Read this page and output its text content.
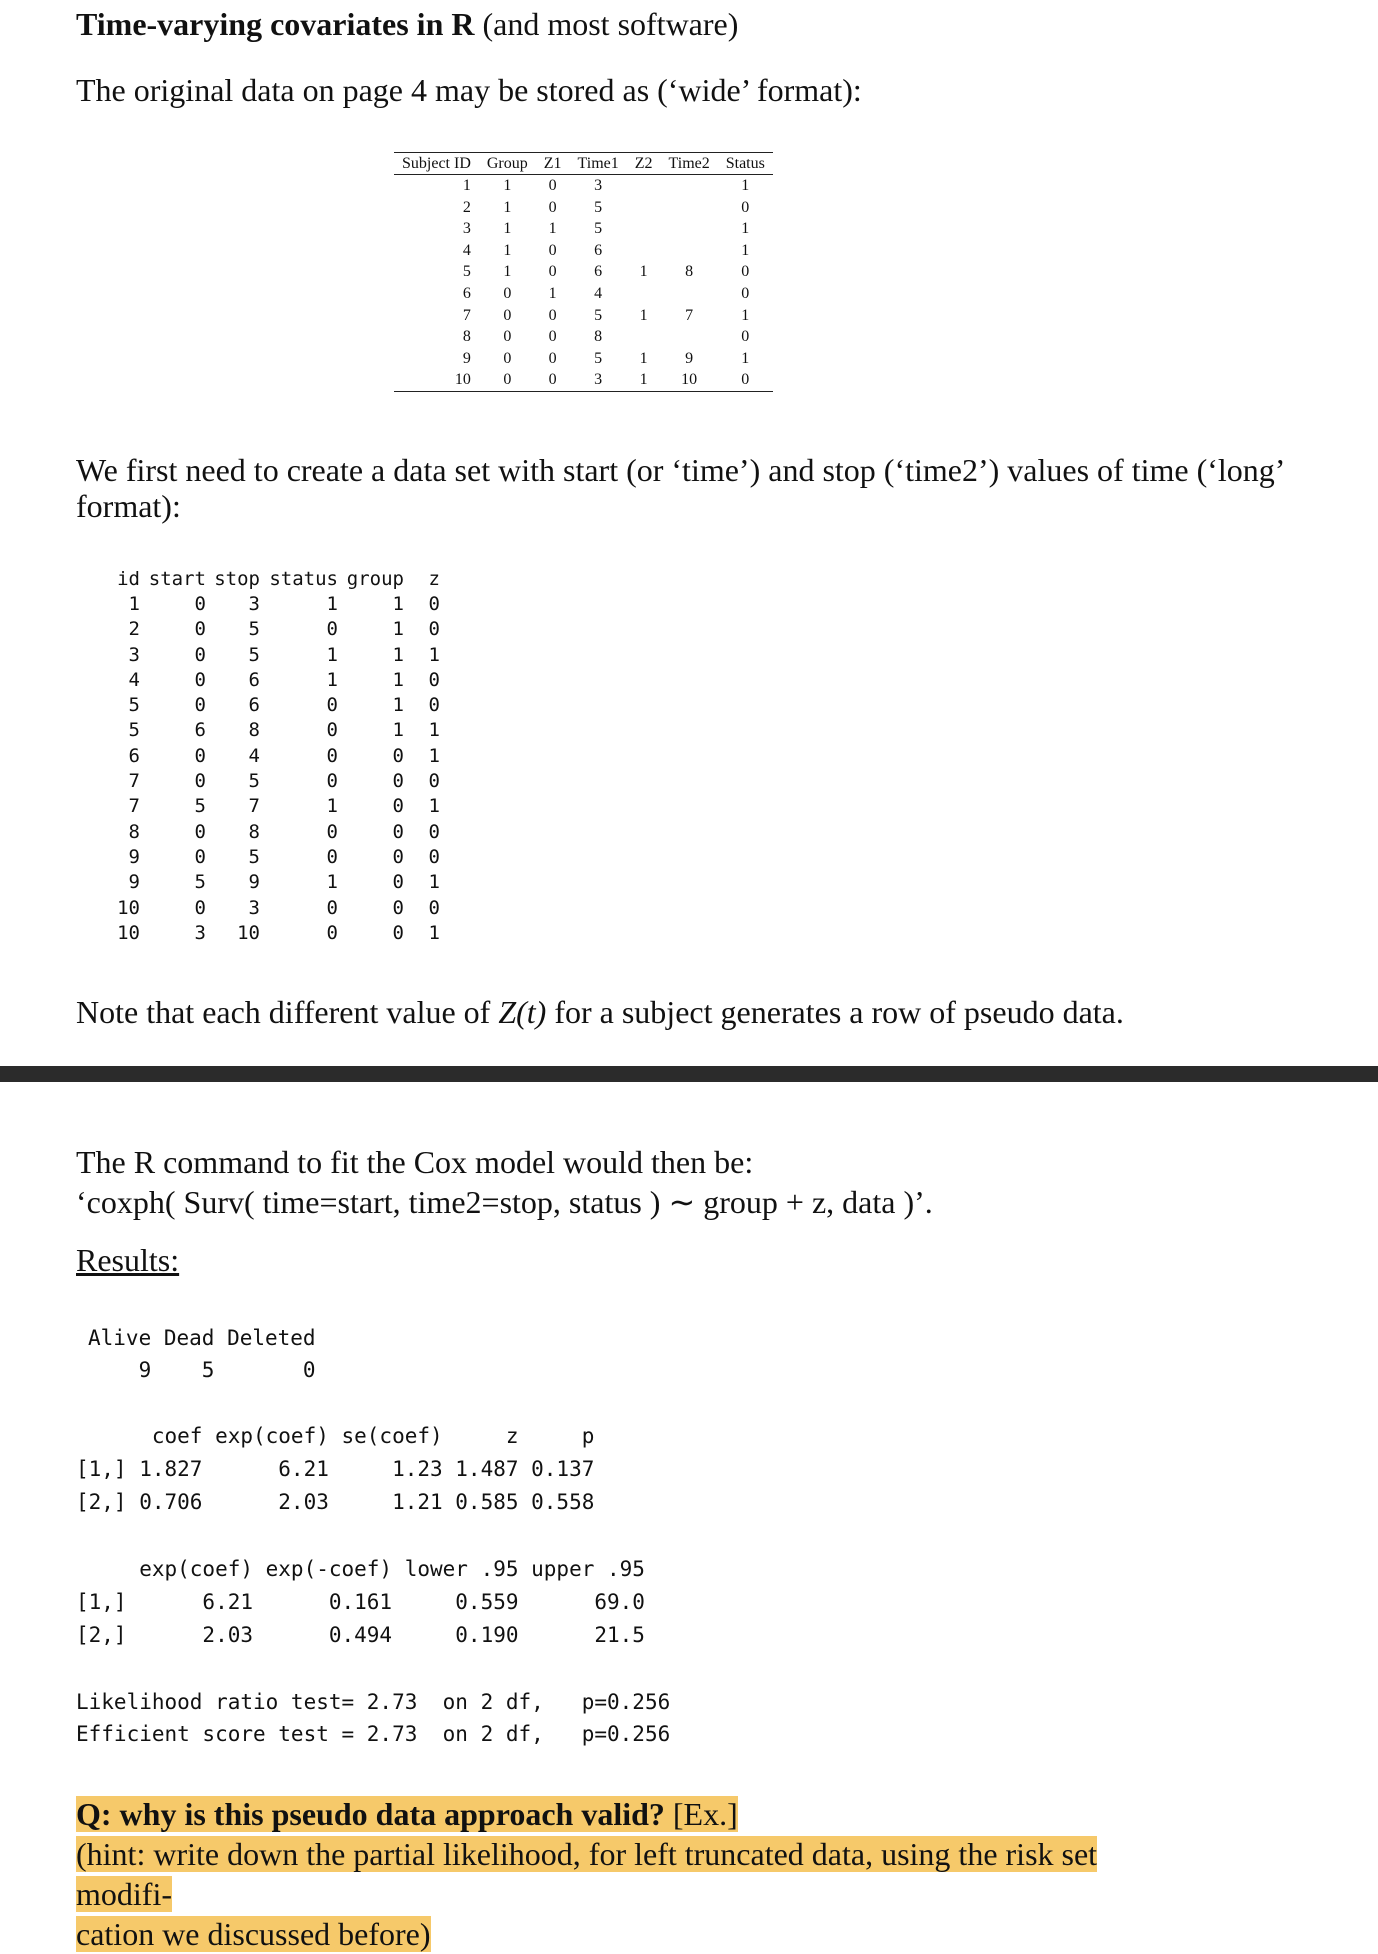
Time-varying covariates in R (and most software)
The original data on page 4 may be stored as (‘wide’ format):
Subject ID	Group	Z1	Time1	Z2	Time2	Status
1	1	0	3			1
2	1	0	5			0
3	1	1	5			1
4	1	0	6			1
5	1	0	6	1	8	0
6	0	1	4			0
7	0	0	5	1	7	1
8	0	0	8			0
9	0	0	5	1	9	1
10	0	0	3	1	10	0
We first need to create a data set with start (or ‘time’) and stop (‘time2’) values of time (‘long’ format):
id	start	stop	status	group	z
1	0	3	1	1	0
2	0	5	0	1	0
3	0	5	1	1	1
4	0	6	1	1	0
5	0	6	0	1	0
5	6	8	0	1	1
6	0	4	0	0	1
7	0	5	0	0	0
7	5	7	1	0	1
8	0	8	0	0	0
9	0	5	0	0	0
9	5	9	1	0	1
10	0	3	0	0	0
10	3	10	0	0	1
Note that each different value of Z(t) for a subject generates a row of pseudo data.
The R command to fit the Cox model would then be:
‘coxph( Surv( time=start, time2=stop, status ) ∼ group + z, data )’.
Results:
Alive Dead Deleted
9    5       0
coef exp(coef) se(coef)     z     p
[1,] 1.827      6.21     1.23 1.487 0.137
[2,] 0.706      2.03     1.21 0.585 0.558
exp(coef) exp(-coef) lower .95 upper .95
[1,]      6.21      0.161     0.559      69.0
[2,]      2.03      0.494     0.190      21.5
Likelihood ratio test= 2.73  on 2 df,   p=0.256
Efficient score test = 2.73  on 2 df,   p=0.256
Q: why is this pseudo data approach valid? [Ex.]
(hint: write down the partial likelihood, for left truncated data, using the risk set modifi-
cation we discussed before)
